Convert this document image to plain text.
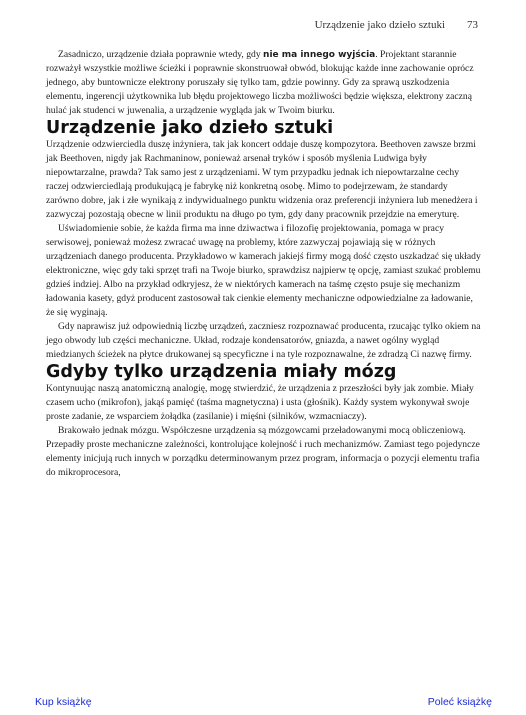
Urządzenie jako dzieło sztuki 73

Zasadniczo, urządzenie działa poprawnie wtedy, gdy nie ma innego wyjścia. Projektant starannie rozważył wszystkie możliwe ścieżki i poprawnie skonstruował obwód, blokując każde inne zachowanie oprócz jednego, aby buntownicze elektrony poruszały się tylko tam, gdzie powinny. Gdy za sprawą uszkodzenia elementu, ingerencji użytkownika lub błędu projektowego liczba możliwości będzie większa, elektrony zaczną hulać jak studenci w juwenalia, a urządzenie wygląda jak w Twoim biurku.

Urządzenie jako dzieło sztuki

Urządzenie odzwierciedla duszę inżyniera, tak jak koncert oddaje duszę kompozytora. Beethoven zawsze brzmi jak Beethoven, nigdy jak Rachmaninow, ponieważ arsenał tryków i sposób myślenia Ludwiga były niepowtarzalne, prawda? Tak samo jest z urządzeniami. W tym przypadku jednak ich niepowtarzalne cechy raczej odzwierciedlają produkującą je fabrykę niż konkretną osobę. Mimo to podejrzewam, że standardy zarówno dobre, jak i złe wynikają z indywidualnego punktu widzenia oraz preferencji inżyniera lub menedżera i zazwyczaj pozostają obecne w linii produktu na długo po tym, gdy dany pracownik przejdzie na emeryturę.

Uświadomienie sobie, że każda firma ma inne dziwactwa i filozofię projektowania, pomaga w pracy serwisowej, ponieważ możesz zwracać uwagę na problemy, które zazwyczaj pojawiają się w różnych urządzeniach danego producenta. Przykładowo w kamerach jakiejś firmy mogą dość często uszkadzać się układy elektroniczne, więc gdy taki sprzęt trafi na Twoje biurko, sprawdzisz najpierw tę opcję, zamiast szukać problemu gdzieś indziej. Albo na przykład odkryjesz, że w niektórych kamerach na taśmę często psuje się mechanizm ładowania kasety, gdyż producent zastosował tak cienkie elementy mechaniczne odpowiedzialne za ładowanie, że się wyginają.

Gdy naprawisz już odpowiednią liczbę urządzeń, zaczniesz rozpoznawać producenta, rzucając tylko okiem na jego obwody lub części mechaniczne. Układ, rodzaje kondensatorów, gniazda, a nawet ogólny wygląd miedzianych ścieżek na płytce drukowanej są specyficzne i na tyle rozpoznawalne, że zdradzą Ci nazwę firmy.

Gdyby tylko urządzenia miały mózg

Kontynuując naszą anatomiczną analogię, mogę stwierdzić, że urządzenia z przeszłości były jak zombie. Miały czasem ucho (mikrofon), jakąś pamięć (taśma magnetyczna) i usta (głośnik). Każdy system wykonywał swoje proste zadanie, ze wsparciem żołądka (zasilanie) i mięśni (silników, wzmacniaczy).

Brakowało jednak mózgu. Współczesne urządzenia są mózgowcami przeładowanymi mocą obliczeniową. Przepadły proste mechaniczne zależności, kontrolujące kolejność i ruch mechanizmów. Zamiast tego pojedyncze elementy inicjują ruch innych w porządku determinowanym przez program, informacja o pozycji elementu trafia do mikroprocesora,

Kup książkę	Poleć książkę
